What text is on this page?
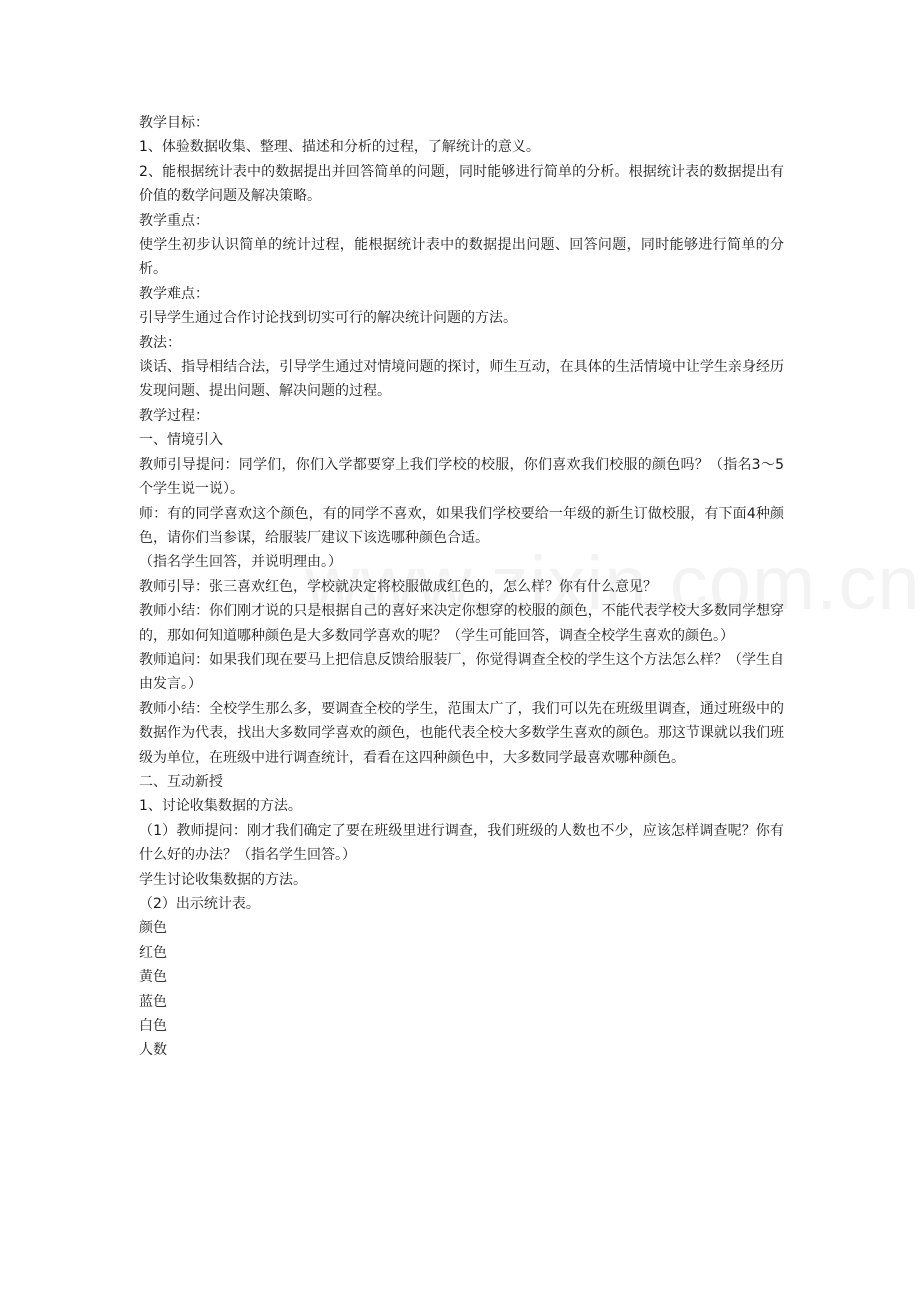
教学目标：

1、体验数据收集、整理、描述和分析的过程，了解统计的意义。

2、能根据统计表中的数据提出并回答简单的问题，同时能够进行简单的分析。根据统计表的数据提出有价值的数学问题及解决策略。

教学重点：

使学生初步认识简单的统计过程，能根据统计表中的数据提出问题、回答问题，同时能够进行简单的分析。

教学难点：

引导学生通过合作讨论找到切实可行的解决统计问题的方法。

教法：

谈话、指导相结合法，引导学生通过对情境问题的探讨，师生互动，在具体的生活情境中让学生亲身经历发现问题、提出问题、解决问题的过程。

教学过程：

一、情境引入

教师引导提问：同学们，你们入学都要穿上我们学校的校服，你们喜欢我们校服的颜色吗？（指名3～5个学生说一说）。

师：有的同学喜欢这个颜色，有的同学不喜欢，如果我们学校要给一年级的新生订做校服，有下面4种颜色，请你们当参谋，给服装厂建议下该选哪种颜色合适。

（指名学生回答，并说明理由。）

教师引导：张三喜欢红色，学校就决定将校服做成红色的，怎么样？你有什么意见？

教师小结：你们刚才说的只是根据自己的喜好来决定你想穿的校服的颜色，不能代表学校大多数同学想穿的，那如何知道哪种颜色是大多数同学喜欢的呢？（学生可能回答，调查全校学生喜欢的颜色。）

教师追问：如果我们现在要马上把信息反馈给服装厂，你觉得调查全校的学生这个方法怎么样？（学生自由发言。）

教师小结：全校学生那么多，要调查全校的学生，范围太广了，我们可以先在班级里调查，通过班级中的数据作为代表，找出大多数同学喜欢的颜色，也能代表全校大多数学生喜欢的颜色。那这节课就以我们班级为单位，在班级中进行调查统计，看看在这四种颜色中，大多数同学最喜欢哪种颜色。

二、互动新授

1、讨论收集数据的方法。

（1）教师提问：刚才我们确定了要在班级里进行调查，我们班级的人数也不少，应该怎样调查呢？你有什么好的办法？（指名学生回答。）

学生讨论收集数据的方法。

（2）出示统计表。

颜色

红色

黄色

蓝色

白色

人数
